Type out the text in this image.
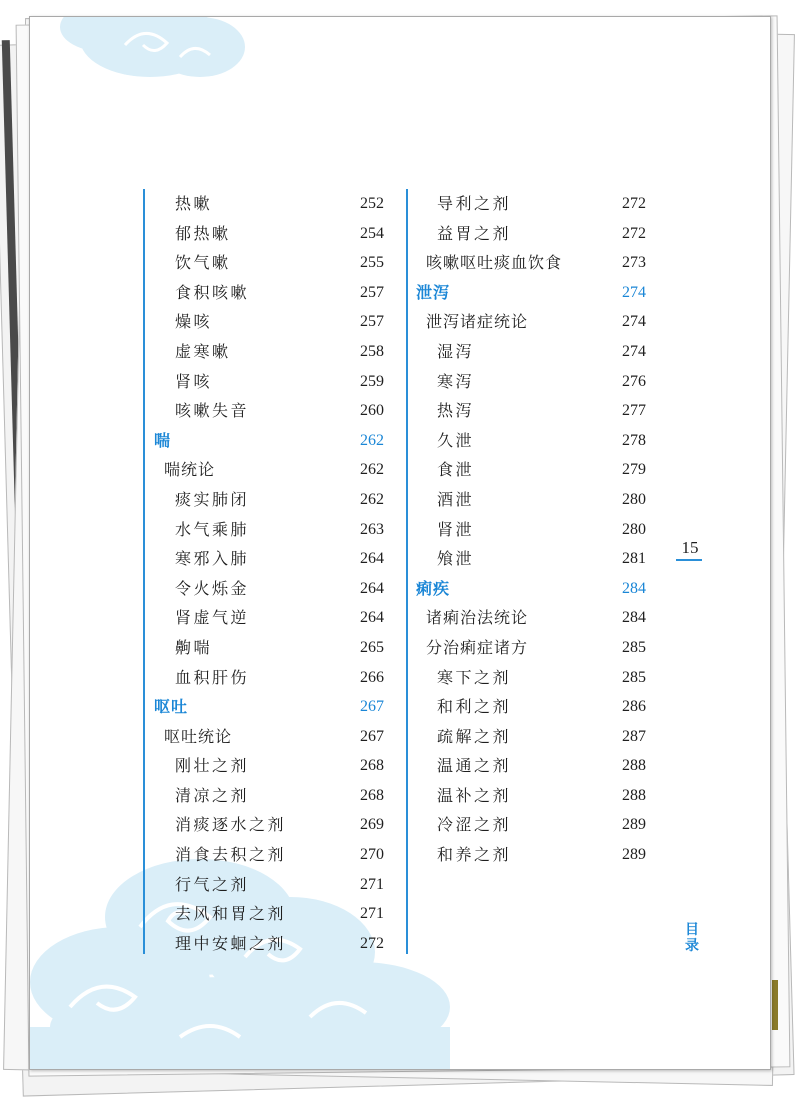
热嗽	252
郁热嗽	254
饮气嗽	255
食积咳嗽	257
燥咳	257
虚寒嗽	258
肾咳	259
咳嗽失音	260
喘	262
喘统论	262
痰实肺闭	262
水气乘肺	263
寒邪入肺	264
令火烁金	264
肾虚气逆	264
齁喘	265
血积肝伤	266
呕吐	267
呕吐统论	267
刚壮之剂	268
清凉之剂	268
消痰逐水之剂	269
消食去积之剂	270
行气之剂	271
去风和胃之剂	271
理中安蛔之剂	272
导利之剂	272
益胃之剂	272
咳嗽呕吐痰血饮食	273
泄泻	274
泄泻诸症统论	274
湿泻	274
寒泻	276
热泻	277
久泄	278
食泄	279
酒泄	280
肾泄	280
飧泄	281
痢疾	284
诸痢治法统论	284
分治痢症诸方	285
寒下之剂	285
和利之剂	286
疏解之剂	287
温通之剂	288
温补之剂	288
冷涩之剂	289
和养之剂	289
15
目
录
